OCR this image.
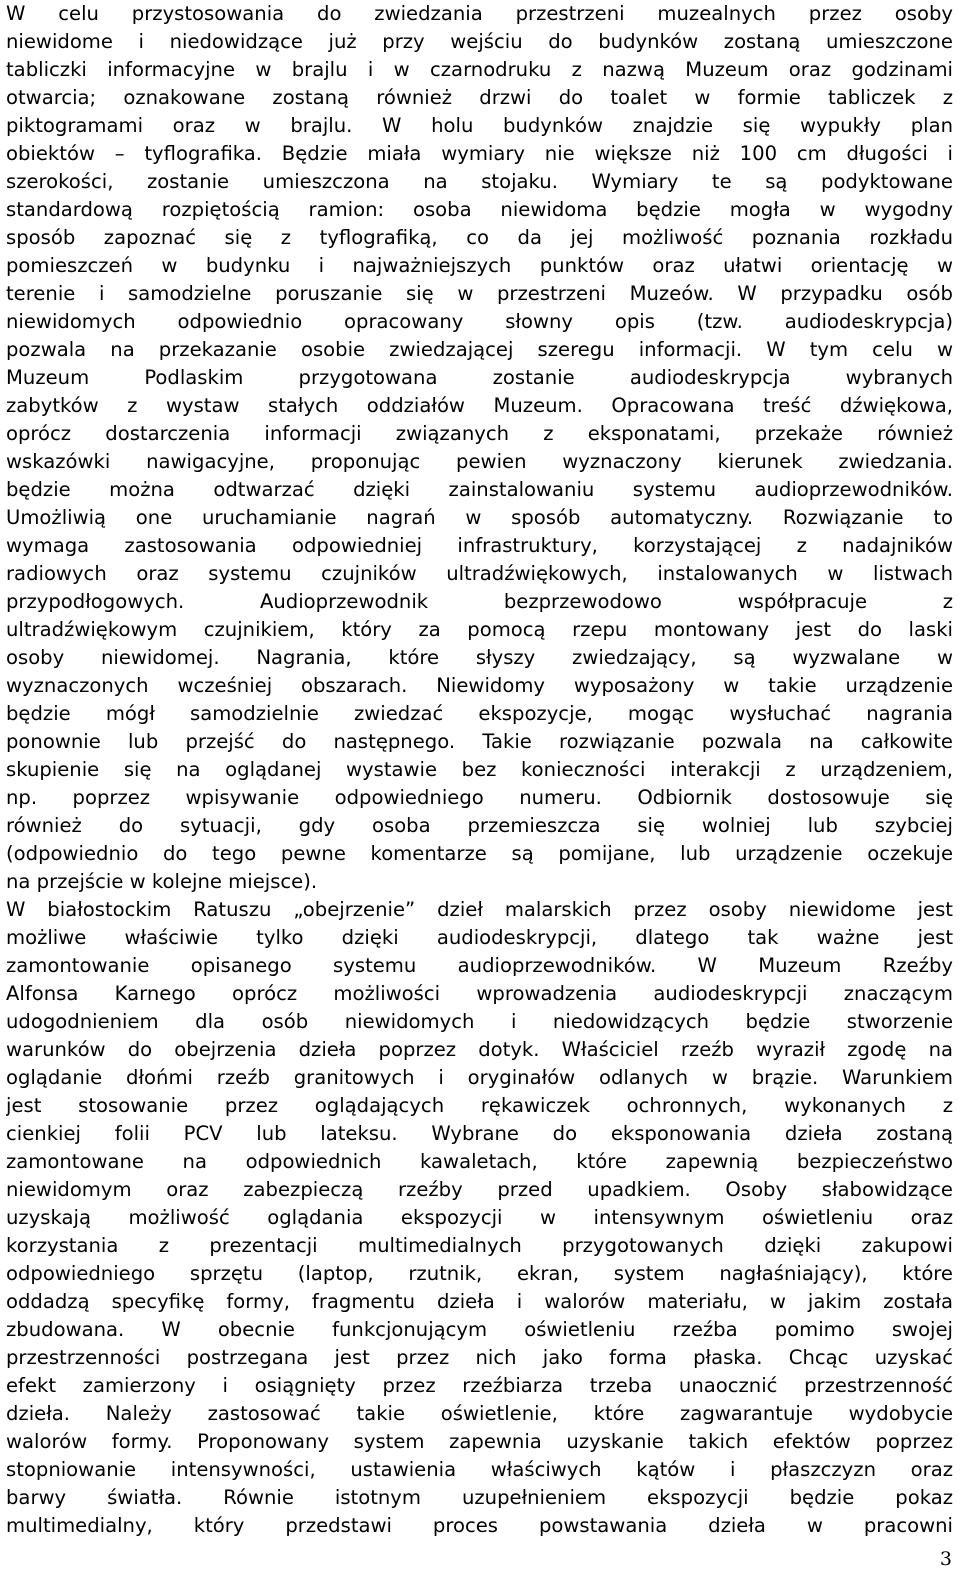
W celu przystosowania do zwiedzania przestrzeni muzealnych przez osoby
niewidome i niedowidzące już przy wejściu do budynków zostaną umieszczone
tabliczki informacyjne w brajlu i w czarnodruku z nazwą Muzeum oraz godzinami
otwarcia; oznakowane zostaną również drzwi do toalet w formie tabliczek z
piktogramami oraz w brajlu. W holu budynków znajdzie się wypukły plan
obiektów – tyflografika. Będzie miała wymiary nie większe niż 100 cm długości i
szerokości, zostanie umieszczona na stojaku. Wymiary te są podyktowane
standardową rozpiętością ramion: osoba niewidoma będzie mogła w wygodny
sposób zapoznać się z tyflografiką, co da jej możliwość poznania rozkładu
pomieszczeń w budynku i najważniejszych punktów oraz ułatwi orientację w
terenie i samodzielne poruszanie się w przestrzeni Muzeów. W przypadku osób
niewidomych odpowiednio opracowany słowny opis (tzw. audiodeskrypcja)
pozwala na przekazanie osobie zwiedzającej szeregu informacji. W tym celu w
Muzeum Podlaskim przygotowana zostanie audiodeskrypcja wybranych
zabytków z wystaw stałych oddziałów Muzeum. Opracowana treść dźwiękowa,
oprócz dostarczenia informacji związanych z eksponatami, przekaże również
wskazówki nawigacyjne, proponując pewien wyznaczony kierunek zwiedzania.
będzie można odtwarzać dzięki zainstalowaniu systemu audioprzewodników.
Umożliwią one uruchamianie nagrań w sposób automatyczny. Rozwiązanie to
wymaga zastosowania odpowiedniej infrastruktury, korzystającej z nadajników
radiowych oraz systemu czujników ultradźwiękowych, instalowanych w listwach
przypodłogowych. Audioprzewodnik bezprzewodowo współpracuje z
ultradźwiękowym czujnikiem, który za pomocą rzepu montowany jest do laski
osoby niewidomej. Nagrania, które słyszy zwiedzający, są wyzwalane w
wyznaczonych wcześniej obszarach. Niewidomy wyposażony w takie urządzenie
będzie mógł samodzielnie zwiedzać ekspozycje, mogąc wysłuchać nagrania
ponownie lub przejść do następnego. Takie rozwiązanie pozwala na całkowite
skupienie się na oglądanej wystawie bez konieczności interakcji z urządzeniem,
np. poprzez wpisywanie odpowiedniego numeru. Odbiornik dostosowuje się
również do sytuacji, gdy osoba przemieszcza się wolniej lub szybciej
(odpowiednio do tego pewne komentarze są pomijane, lub urządzenie oczekuje
na przejście w kolejne miejsce).
W białostockim Ratuszu „obejrzenie” dzieł malarskich przez osoby niewidome jest
możliwe właściwie tylko dzięki audiodeskrypcji, dlatego tak ważne jest
zamontowanie opisanego systemu audioprzewodników. W Muzeum Rzeźby
Alfonsa Karnego oprócz możliwości wprowadzenia audiodeskrypcji znaczącym
udogodnieniem dla osób niewidomych i niedowidzących będzie stworzenie
warunków do obejrzenia dzieła poprzez dotyk. Właściciel rzeźb wyraził zgodę na
oglądanie dłońmi rzeźb granitowych i oryginałów odlanych w brązie. Warunkiem
jest stosowanie przez oglądających rękawiczek ochronnych, wykonanych z
cienkiej folii PCV lub lateksu. Wybrane do eksponowania dzieła zostaną
zamontowane na odpowiednich kawaletach, które zapewnią bezpieczeństwo
niewidomym oraz zabezpieczą rzeźby przed upadkiem. Osoby słabowidzące
uzyskają możliwość oglądania ekspozycji w intensywnym oświetleniu oraz
korzystania z prezentacji multimedialnych przygotowanych dzięki zakupowi
odpowiedniego sprzętu (laptop, rzutnik, ekran, system nagłaśniający), które
oddadzą specyfikę formy, fragmentu dzieła i walorów materiału, w jakim została
zbudowana. W obecnie funkcjonującym oświetleniu rzeźba pomimo swojej
przestrzenności postrzegana jest przez nich jako forma płaska. Chcąc uzyskać
efekt zamierzony i osiągnięty przez rzeźbiarza trzeba unaocznić przestrzenność
dzieła. Należy zastosować takie oświetlenie, które zagwarantuje wydobycie
walorów formy. Proponowany system zapewnia uzyskanie takich efektów poprzez
stopniowanie intensywności, ustawienia właściwych kątów i płaszczyzn oraz
barwy światła. Równie istotnym uzupełnieniem ekspozycji będzie pokaz
multimedialny, który przedstawi proces powstawania dzieła w pracowni
3
